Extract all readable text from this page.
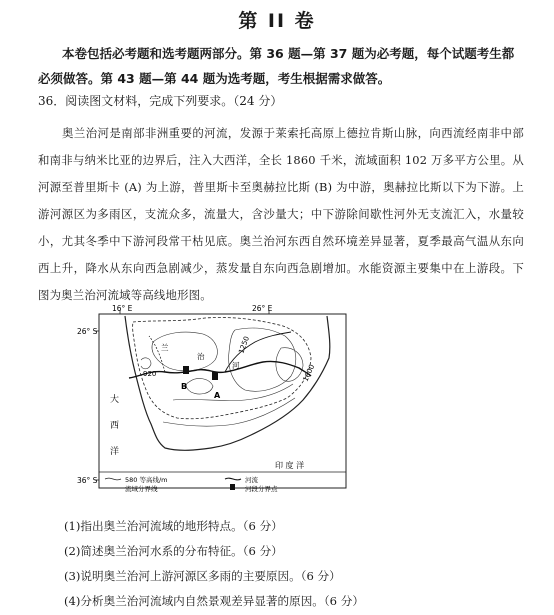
第 II 卷

本卷包括必考题和选考题两部分。第 36 题—第 37 题为必考题，每个试题考生都必须做答。第 43 题—第 44 题为选考题，考生根据需求做答。

36．阅读图文材料，完成下列要求。（24 分）

奥兰治河是南部非洲重要的河流，发源于莱索托高原上德拉肯斯山脉，向西流经南非中部和南非与纳米比亚的边界后，注入大西洋，全长 1860 千米，流域面积 102 万多平方公里。从河源至普里斯卡 (A) 为上游，普里斯卡至奥赫拉比斯 (B) 为中游，奥赫拉比斯以下为下游。上游河源区为多雨区，支流众多，流量大，含沙量大；中下游除间歇性河外无支流汇入，水量较小，尤其冬季中下游河段常干枯见底。奥兰治河东西自然环境差异显著，夏季最高气温从东向西上升，降水从东向西急剧减少，蒸发量自东向西急剧增加。水能资源主要集中在上游段。下图为奥兰治河流域等高线地形图。

16° E	26° E
26° S
36° S
B
A
920
1250
1600
兰
治
河
大
西
洋
印 度 洋
580 等高线/m
流域分界线
河流
河段分界点

(1)指出奥兰治河流域的地形特点。（6 分）

(2)简述奥兰治河水系的分布特征。（6 分）

(3)说明奥兰治河上游河源区多雨的主要原因。（6 分）

(4)分析奥兰治河流域内自然景观差异显著的原因。（6 分）
